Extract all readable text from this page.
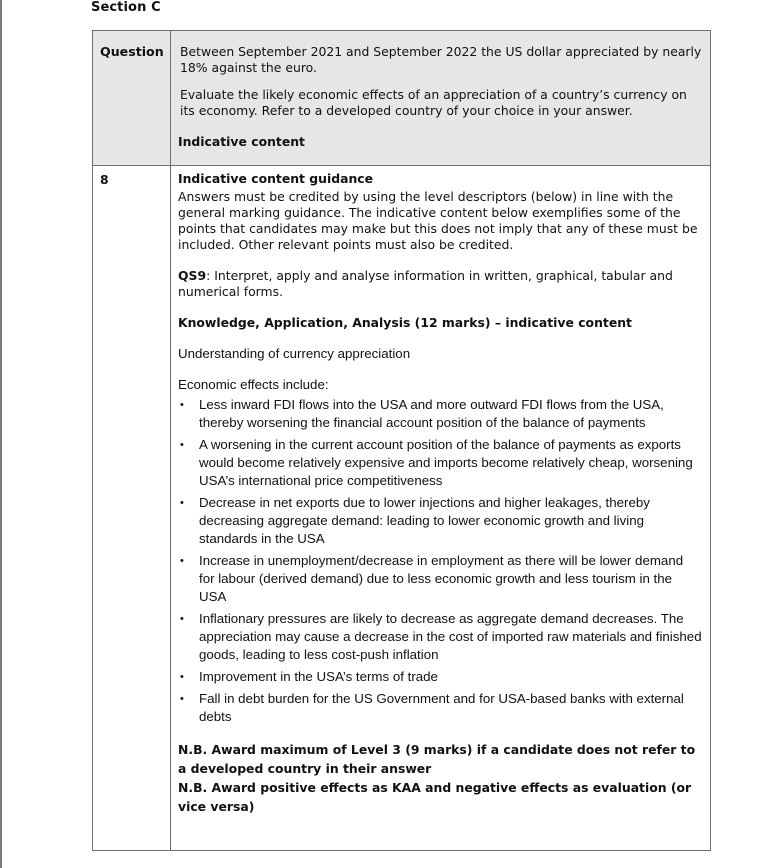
Section C
Question	Between September 2021 and September 2022 the US dollar appreciated by nearly 18% against the euro.

Evaluate the likely economic effects of an appreciation of a country’s currency on its economy. Refer to a developed country of your choice in your answer.

Indicative content

8	Indicative content guidance

Answers must be credited by using the level descriptors (below) in line with the general marking guidance. The indicative content below exemplifies some of the points that candidates may make but this does not imply that any of these must be included. Other relevant points must also be credited.

QS9: Interpret, apply and analyse information in written, graphical, tabular and numerical forms.

Knowledge, Application, Analysis (12 marks) – indicative content

Understanding of currency appreciation

Economic effects include:

• Less inward FDI flows into the USA and more outward FDI flows from the USA, thereby worsening the financial account position of the balance of payments
• A worsening in the current account position of the balance of payments as exports would become relatively expensive and imports become relatively cheap, worsening USA’s international price competitiveness
• Decrease in net exports due to lower injections and higher leakages, thereby decreasing aggregate demand: leading to lower economic growth and living standards in the USA
• Increase in unemployment/decrease in employment as there will be lower demand for labour (derived demand) due to less economic growth and less tourism in the USA
• Inflationary pressures are likely to decrease as aggregate demand decreases. The appreciation may cause a decrease in the cost of imported raw materials and finished goods, leading to less cost-push inflation
• Improvement in the USA’s terms of trade
• Fall in debt burden for the US Government and for USA-based banks with external debts

N.B. Award maximum of Level 3 (9 marks) if a candidate does not refer to a developed country in their answer

N.B. Award positive effects as KAA and negative effects as evaluation (or vice versa)
